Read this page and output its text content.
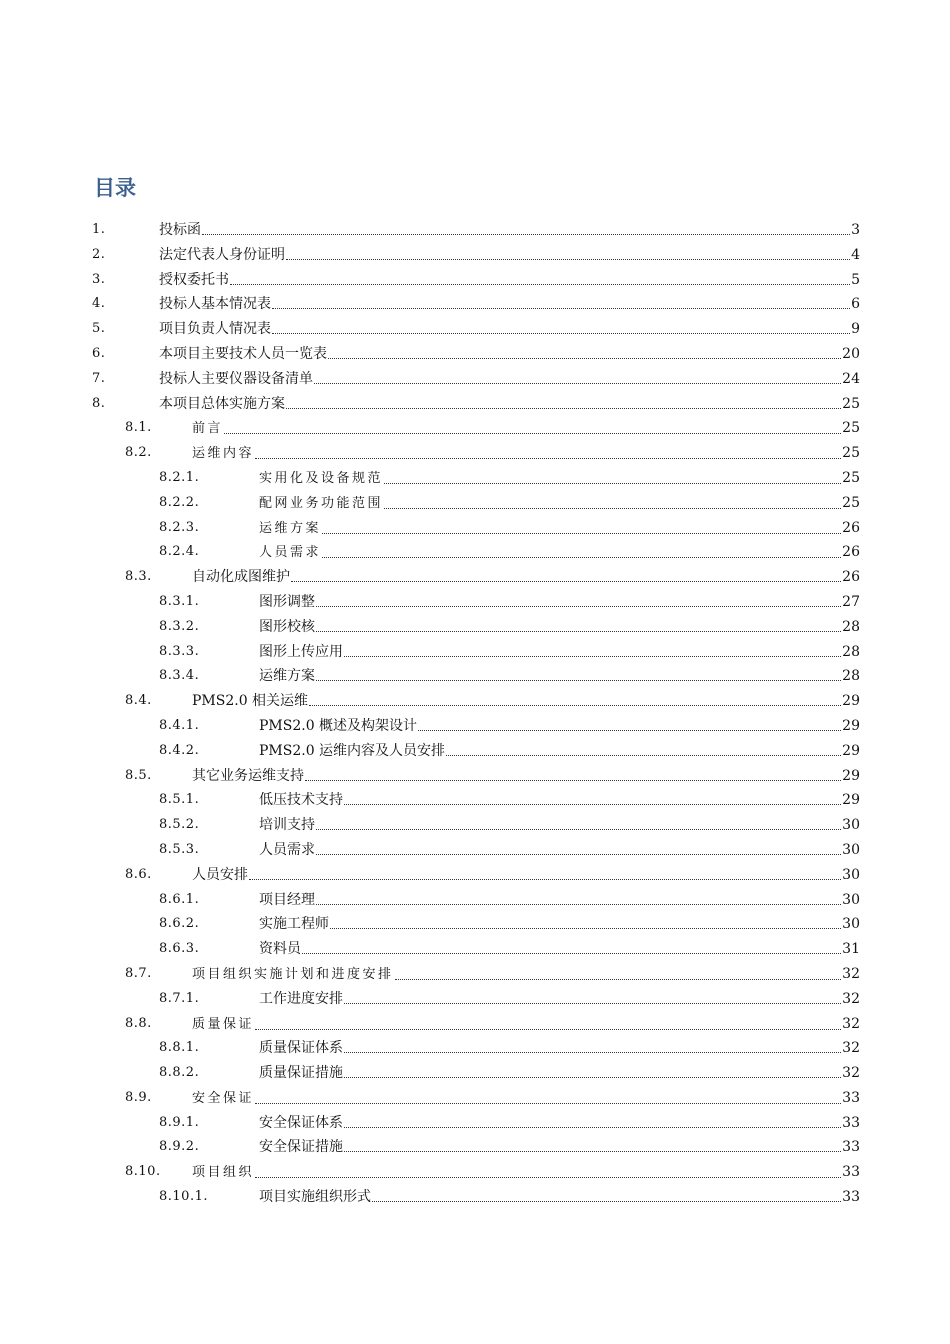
目录
1.	投标函	3
2.	法定代表人身份证明	4
3.	授权委托书	5
4.	投标人基本情况表	6
5.	项目负责人情况表	9
6.	本项目主要技术人员一览表	20
7.	投标人主要仪器设备清单	24
8.	本项目总体实施方案	25
8.1.	前言	25
8.2.	运维内容	25
8.2.1.	实用化及设备规范	25
8.2.2.	配网业务功能范围	25
8.2.3.	运维方案	26
8.2.4.	人员需求	26
8.3.	自动化成图维护	26
8.3.1.	图形调整	27
8.3.2.	图形校核	28
8.3.3.	图形上传应用	28
8.3.4.	运维方案	28
8.4.	PMS2.0 相关运维	29
8.4.1.	PMS2.0 概述及构架设计	29
8.4.2.	PMS2.0 运维内容及人员安排	29
8.5.	其它业务运维支持	29
8.5.1.	低压技术支持	29
8.5.2.	培训支持	30
8.5.3.	人员需求	30
8.6.	人员安排	30
8.6.1.	项目经理	30
8.6.2.	实施工程师	30
8.6.3.	资料员	31
8.7.	项目组织实施计划和进度安排	32
8.7.1.	工作进度安排	32
8.8.	质量保证	32
8.8.1.	质量保证体系	32
8.8.2.	质量保证措施	32
8.9.	安全保证	33
8.9.1.	安全保证体系	33
8.9.2.	安全保证措施	33
8.10. 项目组织	33
8.10.1.	项目实施组织形式	33
